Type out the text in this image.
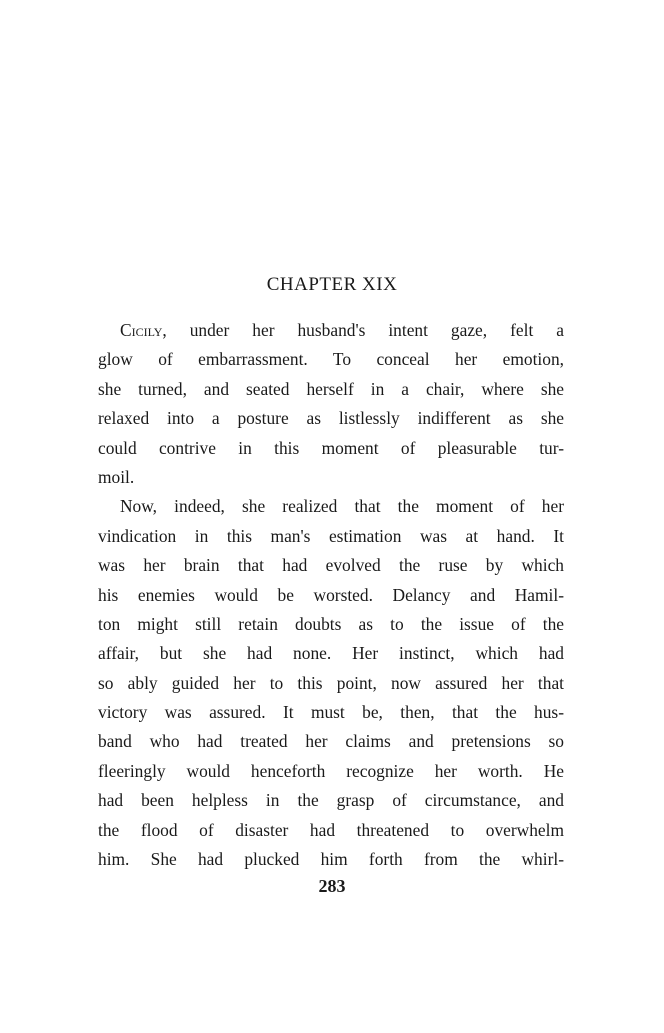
CHAPTER XIX
Cicily, under her husband's intent gaze, felt a
glow of embarrassment. To conceal her emotion,
she turned, and seated herself in a chair, where she
relaxed into a posture as listlessly indifferent as she
could contrive in this moment of pleasurable tur-
moil.
Now, indeed, she realized that the moment of her
vindication in this man's estimation was at hand. It
was her brain that had evolved the ruse by which
his enemies would be worsted. Delancy and Hamil-
ton might still retain doubts as to the issue of the
affair, but she had none. Her instinct, which had
so ably guided her to this point, now assured her that
victory was assured. It must be, then, that the hus-
band who had treated her claims and pretensions so
fleeringly would henceforth recognize her worth. He
had been helpless in the grasp of circumstance, and
the flood of disaster had threatened to overwhelm
him. She had plucked him forth from the whirl-
283
